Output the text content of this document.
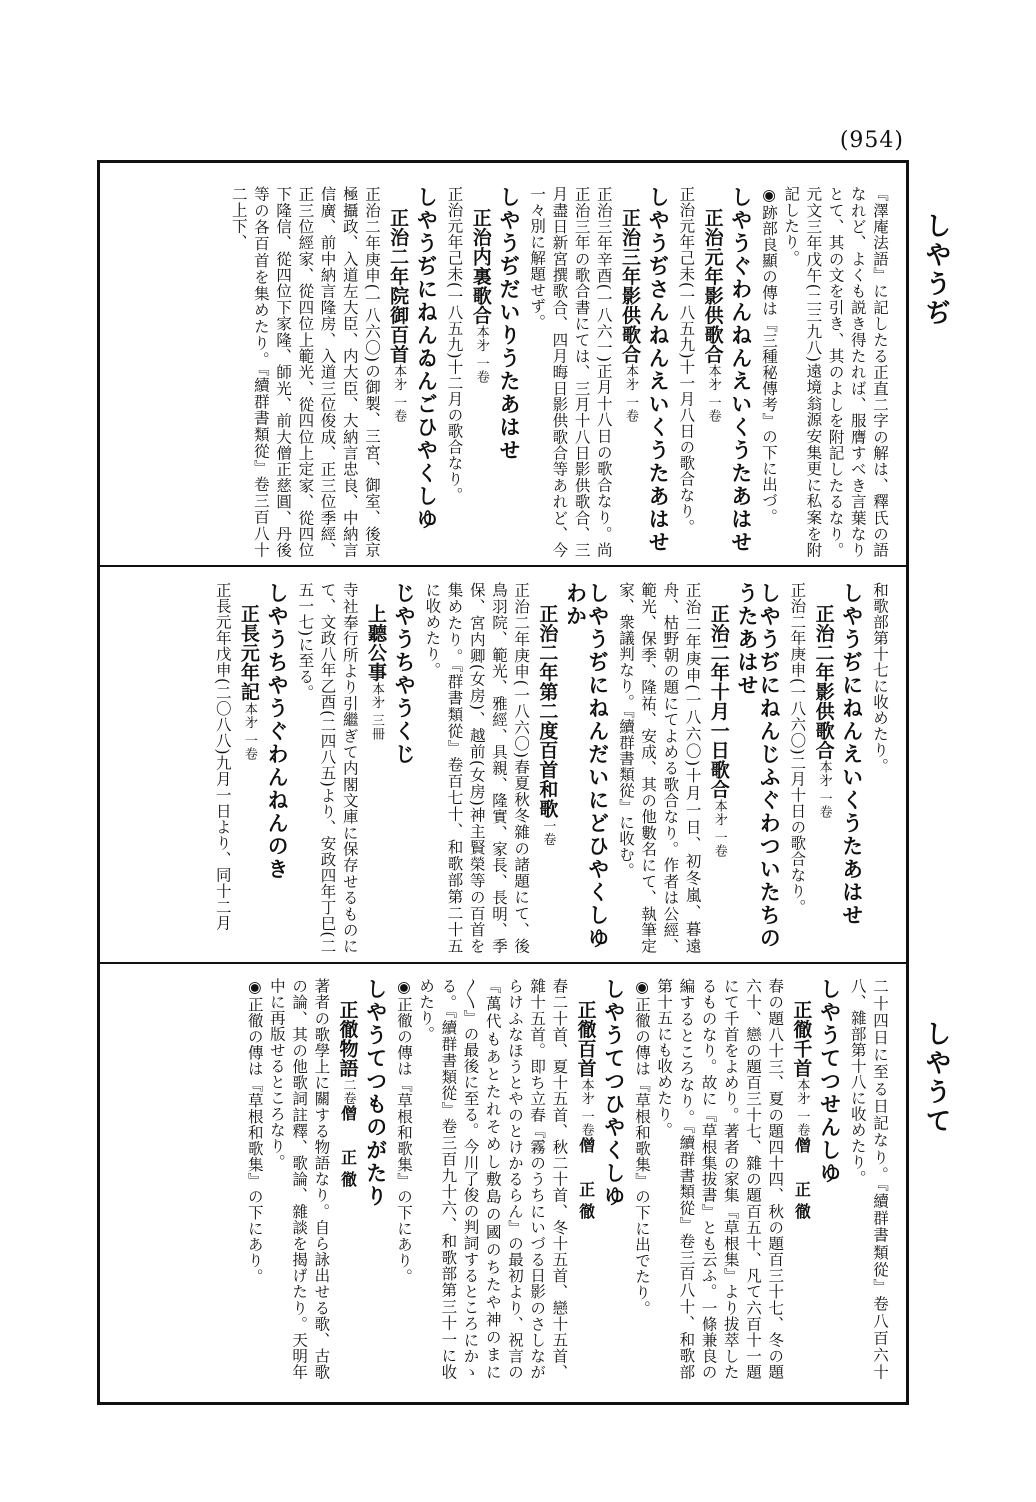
(954)
しやうぢ
しやうて
『澤庵法語』に記したる正直二字の解は、釋氏の語なれど、よくも説き得たれば、服膺すべき言葉なりとて、其の文を引き、其のよしを附記したるなり。元文三年戊午(二三九八)遠境翁源安集更に私案を附記したり。
◉跡部良顯の傳は『三種秘傳考』の下に出づ。
しやうぐわんねんえいくうたあはせ
正治元年影供歌合本㐧 一卷
正治元年己未(一八五九)十一月八日の歌合なり。
しやうぢさんねんえいくうたあはせ
正治三年影供歌合本㐧 一卷
正治三年辛酉(一八六一)正月十八日の歌合なり。尚正治三年の歌合書にては、三月十八日影供歌合、三月盡日新宮撰歌合、四月晦日影供歌合等あれど、今一々別に解題せず。
しやうぢだいりうたあはせ
正治内裏歌合本㐧 一卷
正治元年己未(一八五九)十二月の歌合なり。
しやうぢにねんゐんごひやくしゆ
正治二年院御百首本㐧 一卷
正治二年庚申(一八六〇)の御製、三宮、御室、後京極攝政、入道左大臣、内大臣、大納言忠良、中納言信廣、前中納言隆房、入道三位俊成、正三位季經、正三位經家、從四位上範光、從四位上定家、從四位下隆信、從四位下家隆、師光、前大僧正慈圓、丹後等の各百首を集めたり。『續群書類從』卷三百八十二上下、
和歌部第十七に收めたり。
しやうぢにねんえいくうたあはせ
正治二年影供歌合本㐧 一卷
正治二年庚申(一八六〇)二月十日の歌合なり。
しやうぢにねんじふぐわついたちのうたあはせ
正治二年十月一日歌合本㐧 一卷
正治二年庚申(一八六〇)十月一日、初冬嵐、暮遠舟、枯野朝の題にてよめる歌合なり。作者は公經、範光、保季、隆祐、安成、其の他數名にて、執筆定家、衆議判なり。『續群書類從』に收む。
しやうぢにねんだいにどひやくしゆわか
正治二年第二度百首和歌一卷
正治二年庚申(一八六〇)春夏秋冬雜の諸題にて、後鳥羽院、範光、雅經、具親、隆實、家長、長明、季保、宮内卿(女房)、越前(女房)神主賢榮等の百首を集めたり。『群書類從』卷百七十、和歌部第二十五に收めたり。
じやうちやうくじ
上聽公事本㐧 三冊
寺社奉行所より引繼ぎて内閣文庫に保存せるものにて、文政八年乙酉(二四八五)より、安政四年丁巳(二五一七)に至る。
しやうちやうぐわんねんのき
正長元年記本㐧 一卷
正長元年戊申(二〇八八)九月一日より、同十二月
二十四日に至る日記なり。『續群書類從』卷八百六十八、雜部第十八に收めたり。
しやうてつせんしゆ
正徹千首本㐧 一卷僧　正徹
春の題八十三、夏の題四十四、秋の題百三十七、冬の題六十、戀の題百三十七、雜の題百五十、凡て六百十一題にて千首をよめり。著者の家集『草根集』より拔萃したるものなり。故に『草根集拔書』とも云ふ。一條兼良の編するところなり。『續群書類從』卷三百八十、和歌部第十五にも收めたり。
◉正徹の傳は『草根和歌集』の下に出でたり。
しやうてつひやくしゆ
正徹百首本㐧 一卷僧　正徹
春二十首、夏十五首、秋二十首、冬十五首、戀十五首、雜十五首。即ち立春『霧のうちにいづる日影のさしながらけふなほうとやのとけかるらん』の最初より、祝言の『萬代もあとたれそめし敷島の國のちたや神のまに〳〵』の最後に至る。今川了俊の判詞するところにかゝる。『續群書類從』卷三百九十六、和歌部第三十一に收めたり。
◉正徹の傳は『草根和歌集』の下にあり。
しやうてつものがたり
正徹物語二卷僧　正徹
著者の歌學上に關する物語なり。自ら詠出せる歌、古歌の論、其の他歌詞註釋、歌論、雜談を揭げたり。天明年中に再版せるところなり。
◉正徹の傳は『草根和歌集』の下にあり。
